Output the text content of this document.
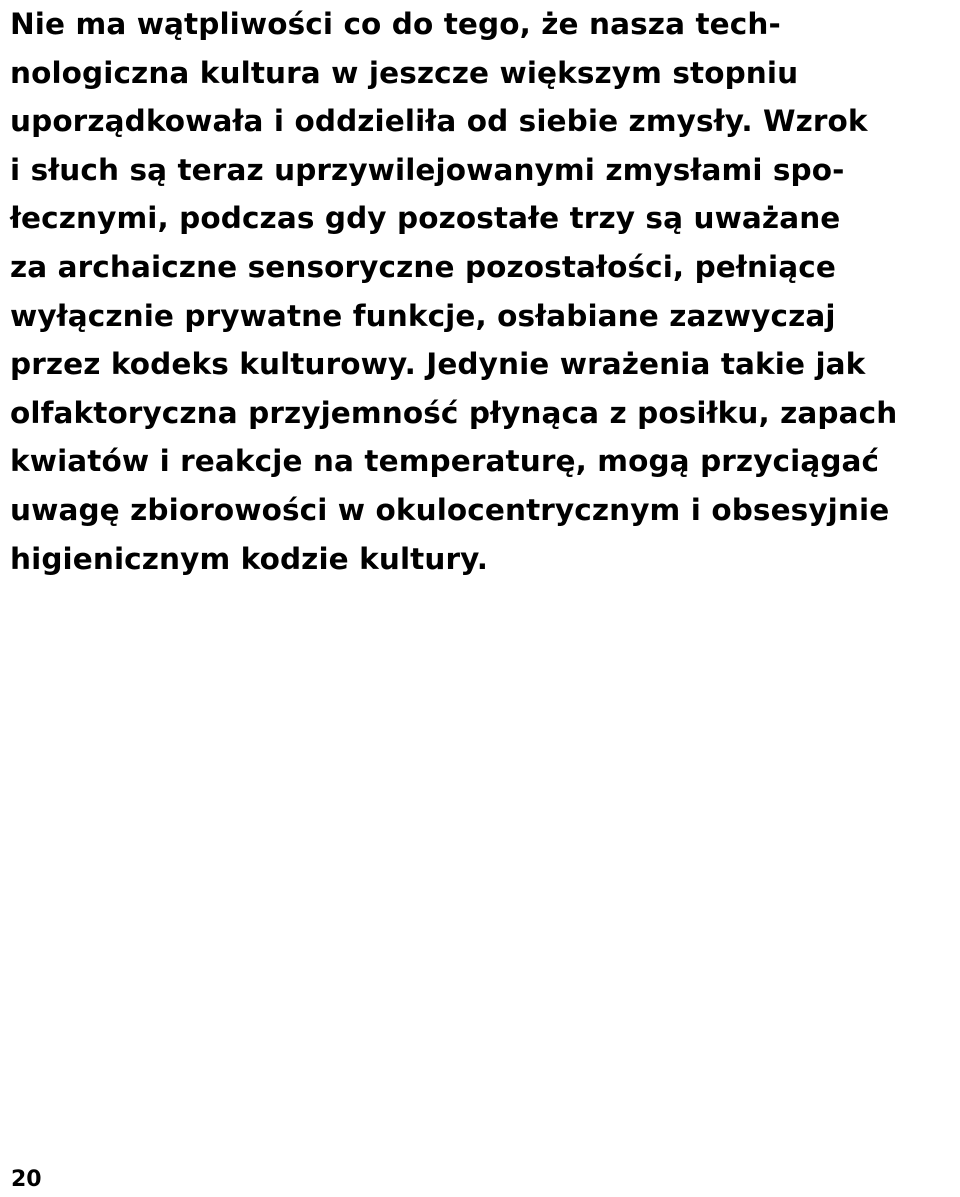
Nie ma wątpliwości co do tego, że nasza tech-
nologiczna kultura w jeszcze większym stopniu
uporządkowała i oddzieliła od siebie zmysły. Wzrok
i słuch są teraz uprzywilejowanymi zmysłami spo-
łecznymi, podczas gdy pozostałe trzy są uważane
za archaiczne sensoryczne pozostałości, pełniące
wyłącznie prywatne funkcje, osłabiane zazwyczaj
przez kodeks kulturowy. Jedynie wrażenia takie jak
olfaktoryczna przyjemność płynąca z posiłku, zapach
kwiatów i reakcje na temperaturę, mogą przyciągać
uwagę zbiorowości w okulocentrycznym i obsesyjnie
higienicznym kodzie kultury.

20
